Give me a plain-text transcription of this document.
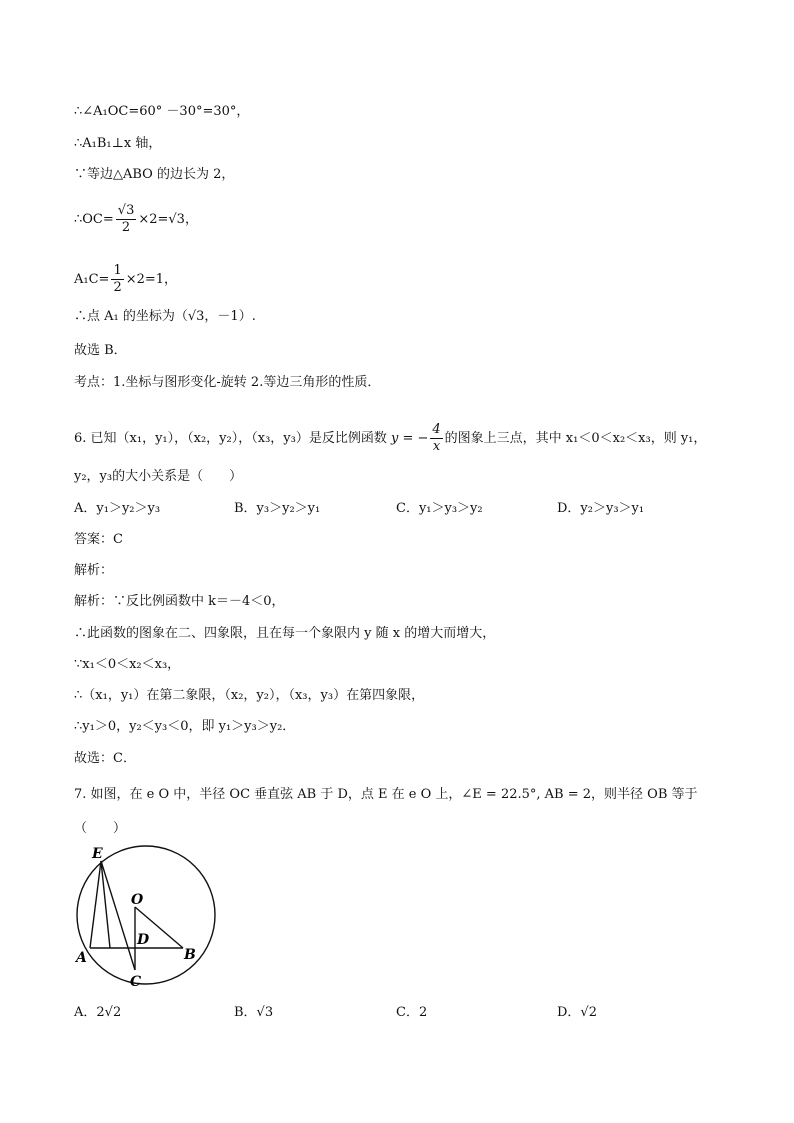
∴∠A₁OC=60° －30°=30°，
∴A₁B₁⊥x 轴，
∵等边△ABO 的边长为 2，
∴OC= $\frac{√3}{2} \times 2=√3$，
$A_1C= \frac{1}{2} \times 2=1$，
∴点 A₁ 的坐标为（√3，－1）.
故选 B．
考点：1.坐标与图形变化-旋转 2.等边三角形的性质．
6. 已知（x₁，y₁），（x₂，y₂），（x₃，y₃）是反比例函数 y = − $\frac{4}{x}$ 的图象上三点，其中 x₁＜0＜x₂＜x₃，则 y₁，
y₂，y₃的大小关系是（　　）
A．y₁＞y₂＞y₃	B．y₃＞y₂＞y₁	C．y₁＞y₃＞y₂	D．y₂＞y₃＞y₁
答案：C
解析：
解析：∵反比例函数中 k＝－4＜0，
∴此函数的图象在二、四象限，且在每一个象限内 y 随 x 的增大而增大，
∵x₁＜0＜x₂＜x₃，
∴（x₁，y₁）在第二象限，（x₂，y₂），（x₃，y₃）在第四象限，
∴y₁＞0，y₂＜y₃＜0，即 y₁＞y₃＞y₂．
故选：C．
7. 如图，在 e O 中，半径 OC 垂直弦 AB 于 D，点 E 在 e O 上，∠E = 22.5°, AB = 2，则半径 OB 等于
（　　）
E
O
D
A	B
C
A．2√2	B．√3	C．2	D．√2
